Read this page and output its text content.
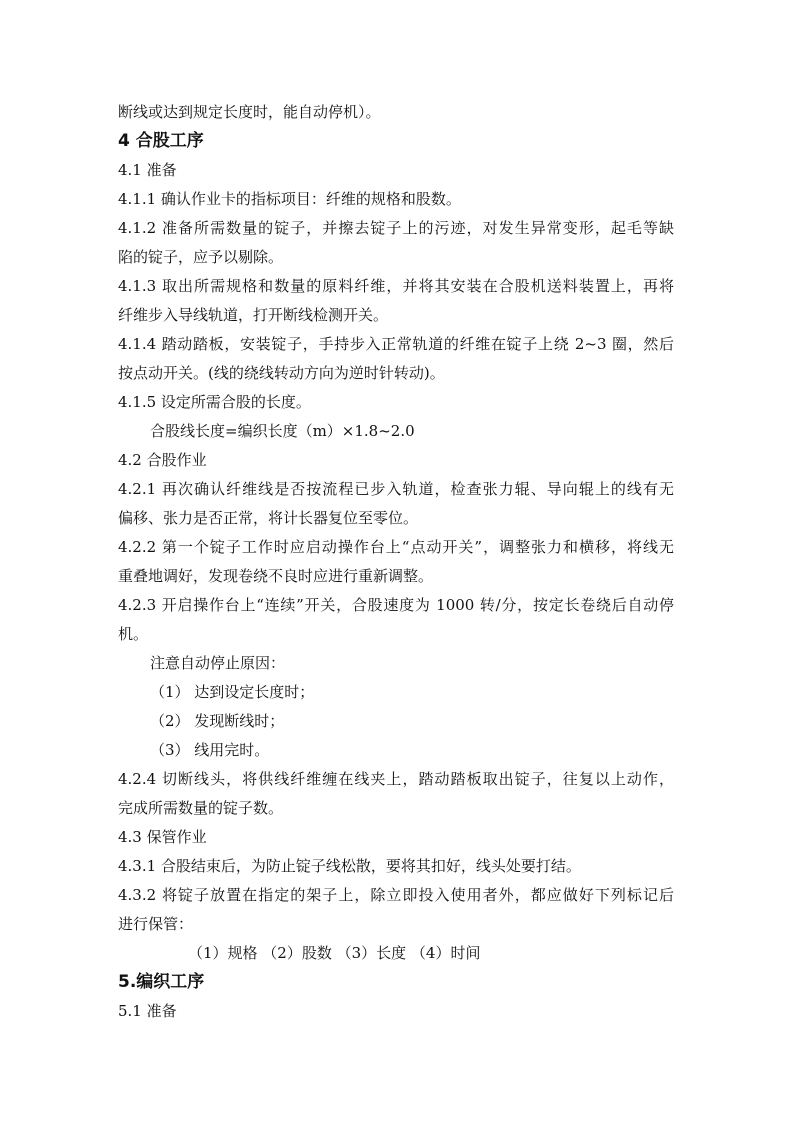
断线或达到规定长度时，能自动停机）。
4 合股工序
4.1 准备
4.1.1 确认作业卡的指标项目：纤维的规格和股数。
4.1.2 准备所需数量的锭子，并擦去锭子上的污迹，对发生异常变形，起毛等缺
陷的锭子，应予以剔除。
4.1.3 取出所需规格和数量的原料纤维，并将其安装在合股机送料装置上，再将
纤维步入导线轨道，打开断线检测开关。
4.1.4 踏动踏板，安装锭子，手持步入正常轨道的纤维在锭子上绕 2~3 圈，然后
按点动开关。(线的绕线转动方向为逆时针转动)。
4.1.5 设定所需合股的长度。
合股线长度=编织长度（m）×1.8~2.0
4.2 合股作业
4.2.1 再次确认纤维线是否按流程已步入轨道，检查张力辊、导向辊上的线有无
偏移、张力是否正常，将计长器复位至零位。
4.2.2 第一个锭子工作时应启动操作台上“点动开关”，调整张力和横移，将线无
重叠地调好，发现卷绕不良时应进行重新调整。
4.2.3 开启操作台上“连续”开关，合股速度为 1000 转/分，按定长卷绕后自动停
机。
注意自动停止原因：
（1） 达到设定长度时；
（2） 发现断线时；
（3） 线用完时。
4.2.4 切断线头，将供线纤维缠在线夹上，踏动踏板取出锭子，往复以上动作，
完成所需数量的锭子数。
4.3 保管作业
4.3.1 合股结束后，为防止锭子线松散，要将其扣好，线头处要打结。
4.3.2 将锭子放置在指定的架子上，除立即投入使用者外，都应做好下列标记后
进行保管：
（1）规格 （2）股数 （3）长度 （4）时间
5.编织工序
5.1 准备
